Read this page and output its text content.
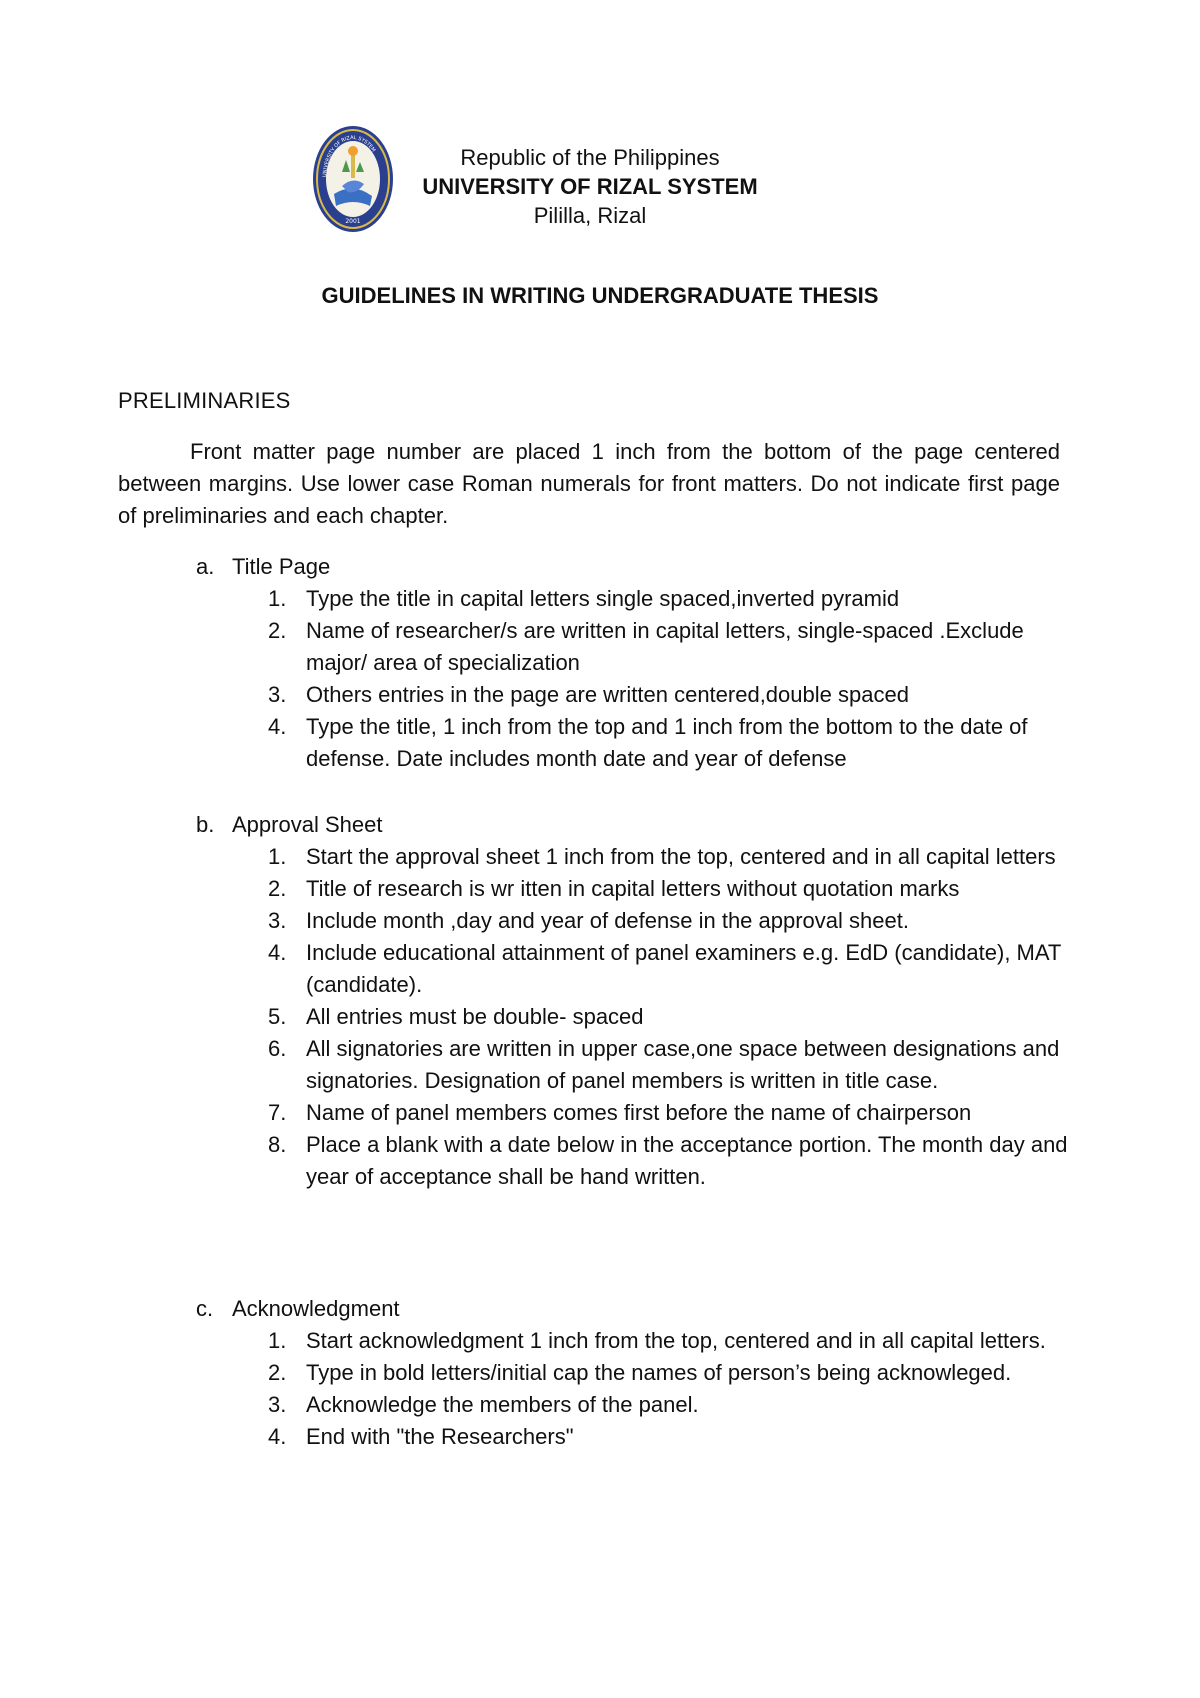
UNIVERSITY OF RIZAL SYSTEM
2001
Republic of the Philippines
UNIVERSITY OF RIZAL SYSTEM
Pililla, Rizal
GUIDELINES IN WRITING UNDERGRADUATE THESIS
PRELIMINARIES
Front matter page number are placed 1 inch from the bottom of the page centered between margins. Use lower case Roman numerals for front matters. Do not indicate first page of preliminaries and each chapter.
a. Title Page
1. Type the title in capital letters single spaced,inverted pyramid
2. Name of researcher/s are written in capital letters, single-spaced .Exclude major/ area of specialization
3. Others entries in the page are written centered,double spaced
4. Type the title, 1 inch from the top and 1 inch from the bottom to the date of defense. Date includes month date and year of defense
b. Approval Sheet
1. Start the approval sheet 1 inch from the top, centered and in all capital letters
2. Title of research is wr itten in capital letters without quotation marks
3. Include month ,day and year of defense in the approval sheet.
4. Include educational attainment of panel examiners e.g. EdD (candidate), MAT (candidate).
5. All entries must be double- spaced
6. All signatories are written in upper case,one space between designations and signatories. Designation of panel members is written in title case.
7. Name of panel members comes first before the name of chairperson
8. Place a blank with a date below in the acceptance portion. The month day and year of acceptance shall be hand written.
c. Acknowledgment
1. Start acknowledgment 1 inch from the top, centered and in all capital letters.
2. Type in bold letters/initial cap the names of person’s being acknowleged.
3. Acknowledge the members of the panel.
4. End with "the Researchers"
